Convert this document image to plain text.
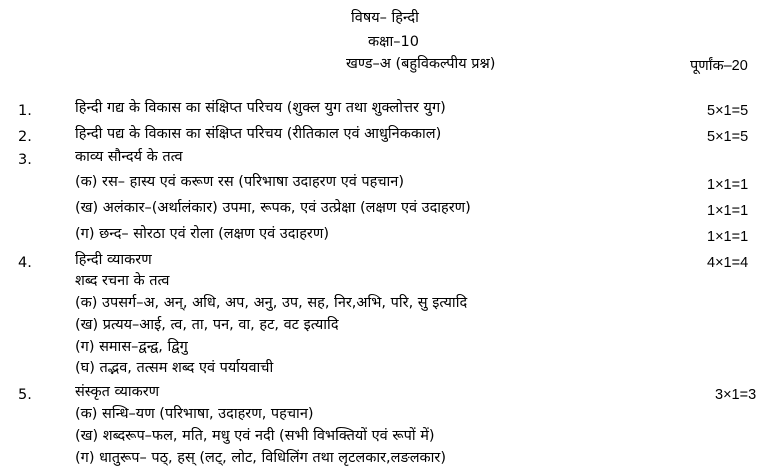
विषय– हिन्दी
कक्षा–10
खण्ड–अ (बहुविकल्पीय प्रश्न)	पूर्णांक–20
1.	हिन्दी गद्य के विकास का संक्षिप्त परिचय (शुक्ल युग तथा शुक्लोत्तर युग)	5×1=5
2.	हिन्दी पद्य के विकास का संक्षिप्त परिचय (रीतिकाल एवं आधुनिककाल)	5×1=5
3.	काव्य सौन्दर्य के तत्व
(क) रस– हास्य एवं करूण रस (परिभाषा उदाहरण एवं पहचान)	1×1=1
(ख) अलंकार–(अर्थालंकार) उपमा, रूपक, एवं उत्प्रेक्षा (लक्षण एवं उदाहरण)	1×1=1
(ग) छन्द– सोरठा एवं रोला (लक्षण एवं उदाहरण)	1×1=1
4.	हिन्दी व्याकरण	4×1=4
शब्द रचना के तत्व
(क) उपसर्ग–अ, अन्, अधि, अप, अनु, उप, सह, निर,अभि, परि, सु इत्यादि
(ख) प्रत्यय–आई, त्व, ता, पन, वा, हट, वट इत्यादि
(ग) समास–द्वन्द्व, द्विगु
(घ) तद्भव, तत्सम शब्द एवं पर्यायवाची
5.	संस्कृत व्याकरण	3×1=3
(क) सन्धि–यण (परिभाषा, उदाहरण, पहचान)
(ख) शब्दरूप–फल, मति, मधु एवं नदी (सभी विभक्तियों एवं रूपों में)
(ग) धातुरूप– पठ्, हस् (लट्, लोट, विधिलिंग तथा लृटलकार,लङलकार)
